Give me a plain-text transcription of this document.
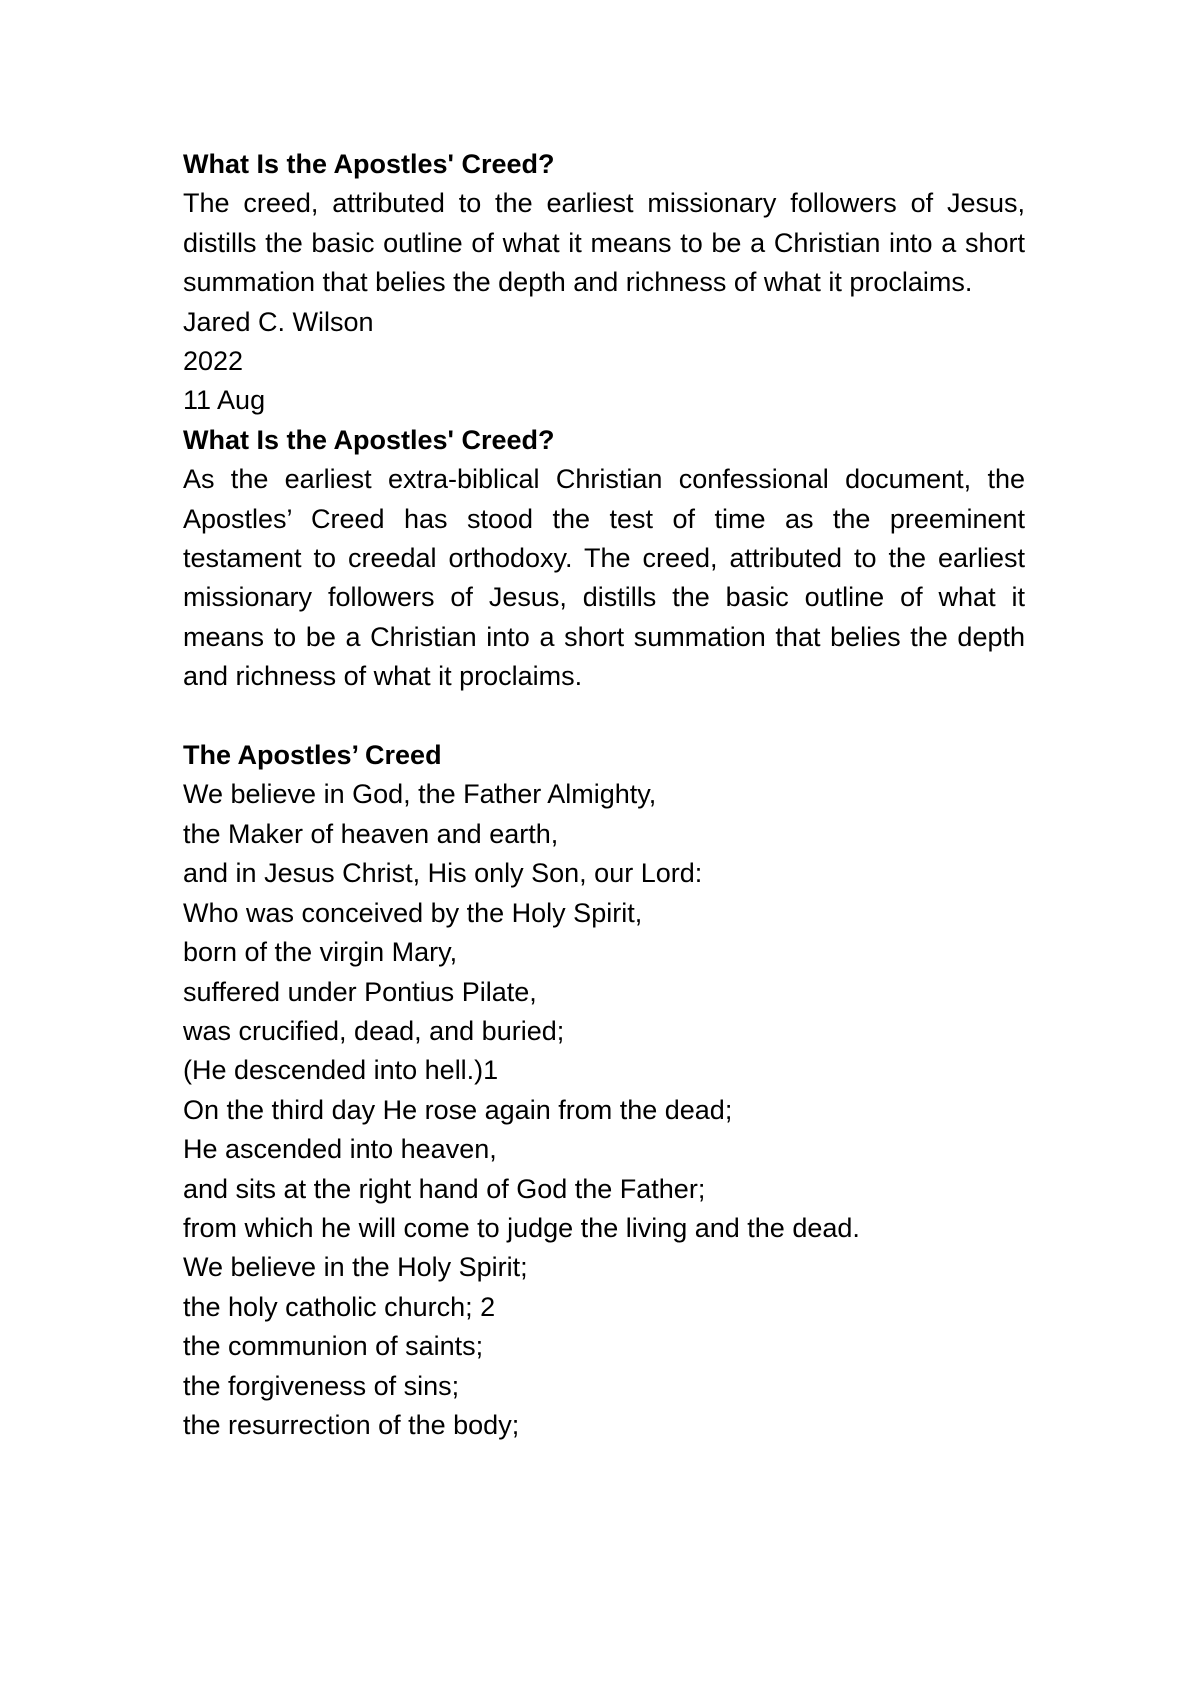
What Is the Apostles' Creed?
The creed, attributed to the earliest missionary followers of Jesus, distills the basic outline of what it means to be a Christian into a short summation that belies the depth and richness of what it proclaims.
Jared C. Wilson
2022
11 Aug
What Is the Apostles' Creed?
As the earliest extra-biblical Christian confessional document, the Apostles’ Creed has stood the test of time as the preeminent testament to creedal orthodoxy. The creed, attributed to the earliest missionary followers of Jesus, distills the basic outline of what it means to be a Christian into a short summation that belies the depth and richness of what it proclaims.
The Apostles’ Creed
We believe in God, the Father Almighty,
the Maker of heaven and earth,
and in Jesus Christ, His only Son, our Lord:
Who was conceived by the Holy Spirit,
born of the virgin Mary,
suffered under Pontius Pilate,
was crucified, dead, and buried;
(He descended into hell.)1
On the third day He rose again from the dead;
He ascended into heaven,
and sits at the right hand of God the Father;
from which he will come to judge the living and the dead.
We believe in the Holy Spirit;
the holy catholic church; 2
the communion of saints;
the forgiveness of sins;
the resurrection of the body;
